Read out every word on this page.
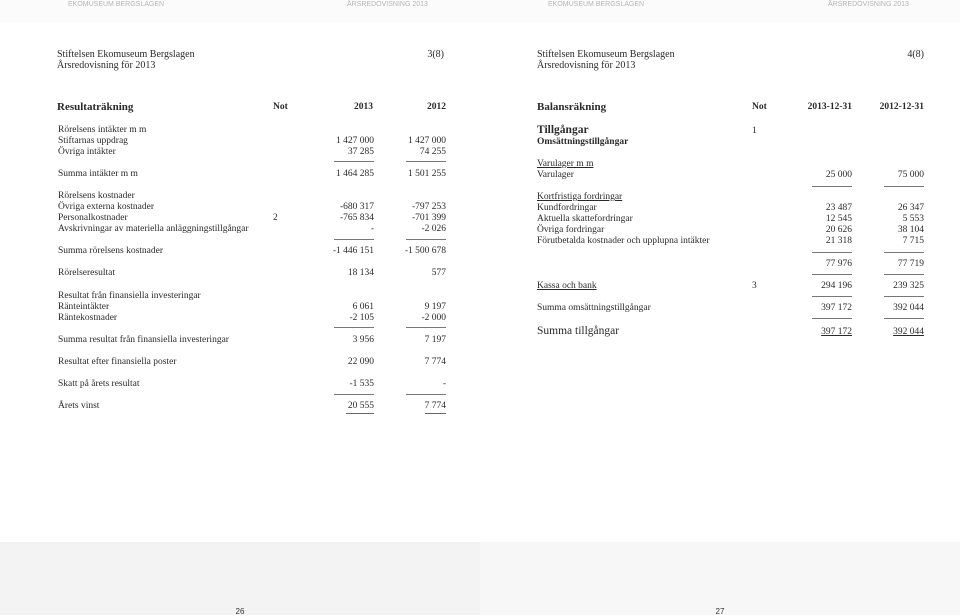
EKOMUSEUM BERGSLAGEN	ÅRSREDOVISNING 2013	EKOMUSEUM BERGSLAGEN	ÅRSREDOVISNING 2013
Stiftelsen Ekomuseum Bergslagen
Årsredovisning för 2013
3(8)
Resultaträkning	Not	2013	2012
Rörelsens intäkter m m
Stiftarnas uppdrag	1 427 000	1 427 000
Övriga intäkter	37 285	74 255
Summa intäkter m m	1 464 285	1 501 255
Rörelsens kostnader
Övriga externa kostnader	-680 317	-797 253
Personalkostnader	2	-765 834	-701 399
Avskrivningar av materiella anläggningstillgångar	-	-2 026
Summa rörelsens kostnader	-1 446 151	-1 500 678
Rörelseresultat	18 134	577
Resultat från finansiella investeringar
Ränteintäkter	6 061	9 197
Räntekostnader	-2 105	-2 000
Summa resultat från finansiella investeringar	3 956	7 197
Resultat efter finansiella poster	22 090	7 774
Skatt på årets resultat	-1 535	-
Årets vinst	20 555	7 774
26
Stiftelsen Ekomuseum Bergslagen
Årsredovisning för 2013
4(8)
Balansräkning	Not	2013-12-31	2012-12-31
Tillgångar	1
Omsättningstillgångar
Varulager m m
Varulager	25 000	75 000
Kortfristiga fordringar
Kundfordringar	23 487	26 347
Aktuella skattefordringar	12 545	5 553
Övriga fordringar	20 626	38 104
Förutbetalda kostnader och upplupna intäkter	21 318	7 715
77 976	77 719
Kassa och bank	3	294 196	239 325
Summa omsättningstillgångar	397 172	392 044
Summa tillgångar	397 172	392 044
27
